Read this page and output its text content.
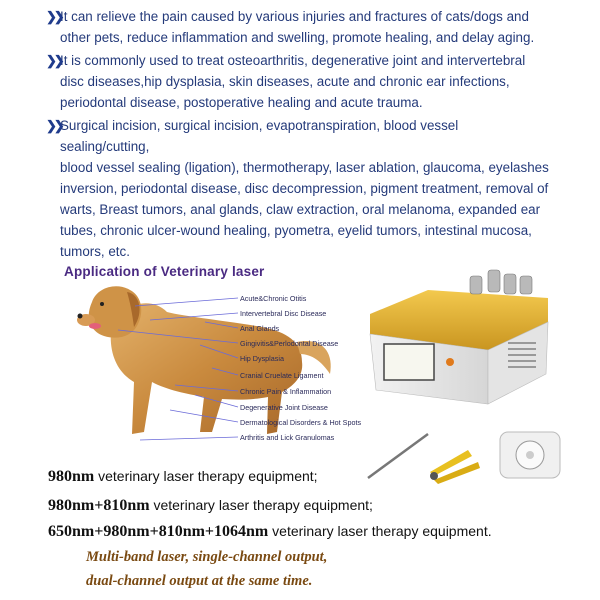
❯❯
It can relieve the pain caused by various injuries and fractures of cats/dogs and
other pets, reduce inflammation and swelling, promote healing, and delay aging.
❯❯
It is commonly used to treat osteoarthritis, degenerative joint and intervertebral
disc diseases,hip dysplasia, skin diseases, acute and chronic ear infections,
periodontal disease, postoperative healing and acute trauma.
❯❯
Surgical incision, surgical incision, evapotranspiration, blood vessel sealing/cutting,
blood vessel sealing (ligation), thermotherapy, laser ablation, glaucoma, eyelashes
inversion, periodontal disease, disc decompression, pigment treatment, removal of
warts, Breast tumors, anal glands, claw extraction, oral melanoma, expanded ear
tubes, chronic ulcer-wound healing, pyometra, eyelid tumors, intestinal mucosa,
tumors, etc.
Application of Veterinary laser
Acute&Chronic Otitis
Intervertebral Disc Disease
Anal Glands
Gingivitis&Perlodontal Disease
Hip Dysplasia
Cranial Cruelate Ligament
Chronic Pain & Inflammation
Degenerative Joint Disease
Dermatological Disorders & Hot Spots
Arthritis and Lick Granulomas
980nm veterinary laser therapy equipment;
980nm+810nm veterinary laser therapy equipment;
650nm+980nm+810nm+1064nm veterinary laser therapy equipment.
Multi-band laser, single-channel output,
dual-channel output at the same time.
